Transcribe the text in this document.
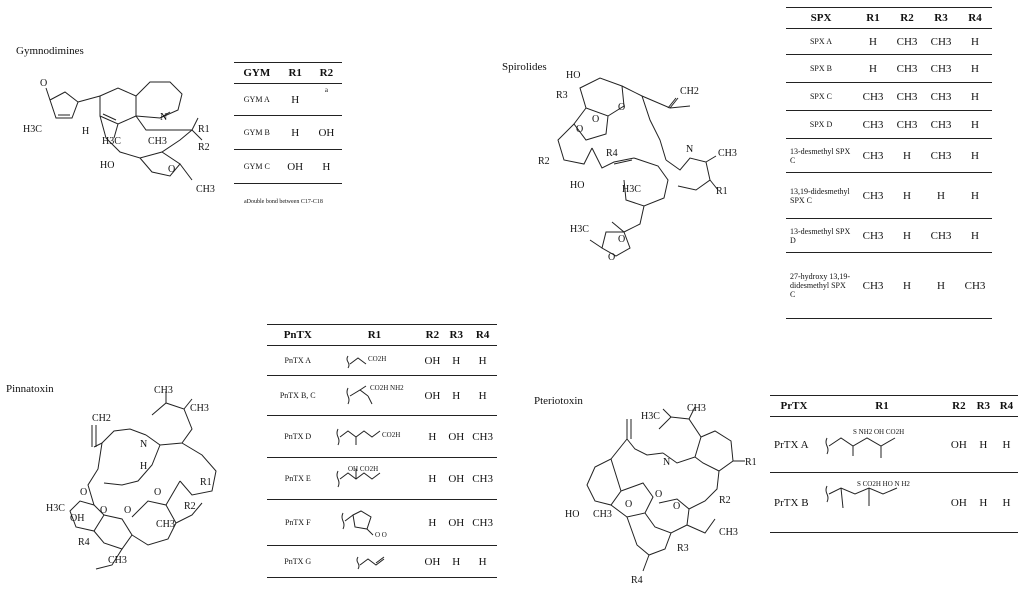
Gymnodimines
Spirolides
Pinnatoxin
Pteriotoxin
O
H3C	H
CH3
N
H3C
R1
R2
HO	O
CH3
GYM	R1	R2
GYM A	H	a
GYM B	H	OH
GYM C	OH	H
aDouble bond between C17-C18
HO
R3
O
O
O
CH2
R4	N CH3
R2
HO	H3C	R1
H3C
O
O
SPX	R1	R2	R3	R4
SPX A	H	CH3	CH3	H
SPX B	H	CH3	CH3	H
SPX C	CH3	CH3	CH3	H
SPX D	CH3	CH3	CH3	H
13-desmethyl SPX C	CH3	H	CH3	H
13,19-didesmethyl SPX C	CH3	H	H	H
13-desmethyl SPX D	CH3	H	CH3	H
27-hydroxy 13,19-didesmethyl SPX C	CH3	H	H	CH3
CH3
CH3
CH2
N
H
R1
H3C
OH
O
O O
O
R2
CH3
R4
CH3
PnTX	R1	R2	R3	R4
PnTX A	CO2H	OH	H	H
PnTX B, C	CO2H NH2	OH	H	H
PnTX D	CO2H	H	OH	CH3
PnTX E	OH CO2H	H	OH	CH3
PnTX F	O O	H	OH	CH3
PnTX G		OH	H	H
H3C
CH3
N	R1
HO CH3
O
O
O
R2
CH3
R3
R4
PrTX	R1	R2	R3	R4
PrTX A	S NH2 OH CO2H	OH	H	H
PrTX B	S CO2H HO N H2	OH	H	H
